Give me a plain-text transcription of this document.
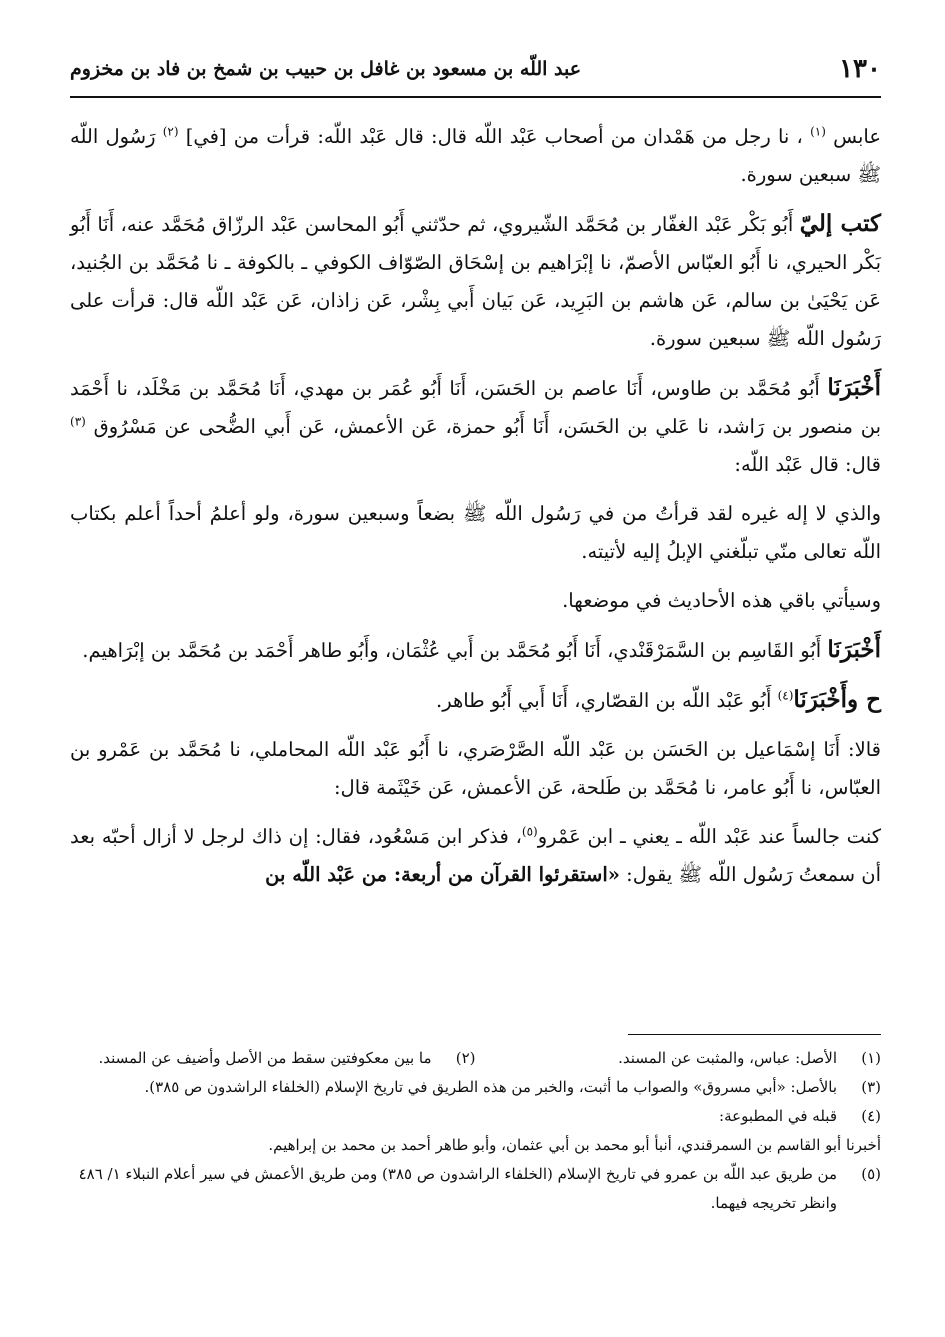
١٣٠
عبد اللّه بن مسعود بن غافل بن حبيب بن شمخ بن فاد بن مخزوم

عابس $^{(١)}$ ، نا رجل من هَمْدان من أصحاب عَبْد اللّه قال: قال عَبْد اللّه: قرأت من [في] $^{(٢)}$ رَسُول اللّه ﷺ سبعين سورة.

كتب إليّ أَبُو بَكْر عَبْد الغفّار بن مُحَمَّد الشّيروي، ثم حدّثني أَبُو المحاسن عَبْد الرزّاق مُحَمَّد عنه، أَنَا أَبُو بَكْر الحيري، نا أَبُو العبّاس الأصمّ، نا إبْرَاهيم بن إسْحَاق الصّوّاف الكوفي ـ بالكوفة ـ نا مُحَمَّد بن الجُنيد، عَن يَحْيَىٰ بن سالم، عَن هاشم بن البَرِيد، عَن بَيان أَبي بِشْر، عَن زاذان، عَن عَبْد اللّه قال: قرأت على رَسُول اللّه ﷺ سبعين سورة.

أَخْبَرَنَا أَبُو مُحَمَّد بن طاوس، أَنَا عاصم بن الحَسَن، أَنَا أَبُو عُمَر بن مهدي، أَنَا مُحَمَّد بن مَخْلَد، نا أَحْمَد بن منصور بن رَاشد، نا عَلي بن الحَسَن، أَنَا أَبُو حمزة، عَن الأعمش، عَن أَبي الضُّحى عن مَسْرُوق $^{(٣)}$ قال: قال عَبْد اللّه:

والذي لا إله غيره لقد قرأتُ من في رَسُول اللّه ﷺ بضعاً وسبعين سورة، ولو أعلمُ أحداً أعلم بكتاب اللّه تعالى منّي تبلّغني الإبلُ إليه لأتيته.

وسيأتي باقي هذه الأحاديث في موضعها.

أَخْبَرَنَا أَبُو القَاسِم بن السَّمَرْقَنْدي، أَنَا أَبُو مُحَمَّد بن أَبي عُثْمَان، وأَبُو طاهر أَحْمَد بن مُحَمَّد بن إبْرَاهيم.

ح وأَخْبَرَنَا$^{(٤)}$ أَبُو عَبْد اللّه بن القصّاري، أَنَا أَبي أَبُو طاهر.

قالا: أَنَا إسْمَاعيل بن الحَسَن بن عَبْد اللّه الصَّرْصَري، نا أَبُو عَبْد اللّه المحاملي، نا مُحَمَّد بن عَمْرو بن العبّاس، نا أَبُو عامر، نا مُحَمَّد بن طَلحة، عَن الأعمش، عَن خَيْثَمة قال:

كنت جالساً عند عَبْد اللّه ـ يعني ـ ابن عَمْرو$^{(٥)}$، فذكر ابن مَسْعُود، فقال: إن ذاك لرجل لا أزال أحبّه بعد أن سمعتُ رَسُول اللّه ﷺ يقول: «استقرئوا القرآن من أربعة: من عَبْد اللّه بن

(١)
الأصل: عباس، والمثبت عن المسند.
(٢)
ما بين معكوفتين سقط من الأصل وأضيف عن المسند.
(٣)
بالأصل: «أبي مسروق» والصواب ما أثبت، والخبر من هذه الطريق في تاريخ الإسلام (الخلفاء الراشدون ص ٣٨٥).
(٤)
قبله في المطبوعة:
أخبرنا أبو القاسم بن السمرقندي، أنبأ أبو محمد بن أبي عثمان، وأبو طاهر أحمد بن محمد بن إبراهيم.
(٥)
من طريق عبد اللّه بن عمرو في تاريخ الإسلام (الخلفاء الراشدون ص ٣٨٥) ومن طريق الأعمش في سير أعلام النبلاء ١/ ٤٨٦ وانظر تخريجه فيهما.
